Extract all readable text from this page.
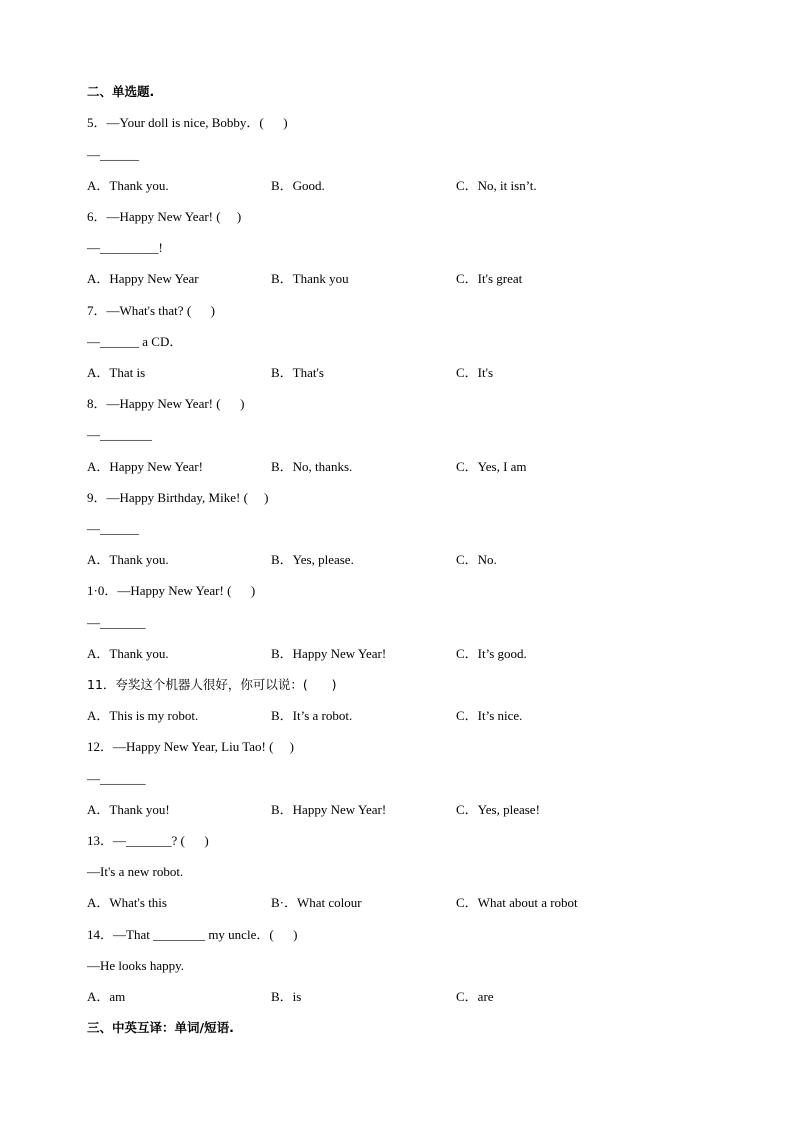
二、单选题.
5．—Your doll is nice, Bobby．(      )
—______
A．Thank you.	B．Good.	C．No, it isn’t.
6．—Happy New Year! (     )
—_________!
A．Happy New Year	B．Thank you	C．It's great
7．—What's that? (      )
—______ a CD．
A．That is	B．That's	C．It's
8．—Happy New Year! (      )
—________
A．Happy New Year!	B．No, thanks.	C．Yes, I am
9．—Happy Birthday, Mike! (     )
—______
A．Thank you.	B．Yes, please.	C．No.
1·0．—Happy New Year! (      )
—_______
A．Thank you.	B．Happy New Year!	C．It’s good.
11．夸奖这个机器人很好，你可以说：(      )
A．This is my robot.	B．It’s a robot.	C．It’s nice.
12．—Happy New Year, Liu Tao! (     )
—_______
A．Thank you!	B．Happy New Year!	C．Yes, please!
13．—_______? (      )
—It's a new robot.
A．What's this	B·．What colour	C．What about a robot
14．—That ________ my uncle．(      )
—He looks happy.
A．am	B．is	C．are
三、中英互译：单词/短语.
